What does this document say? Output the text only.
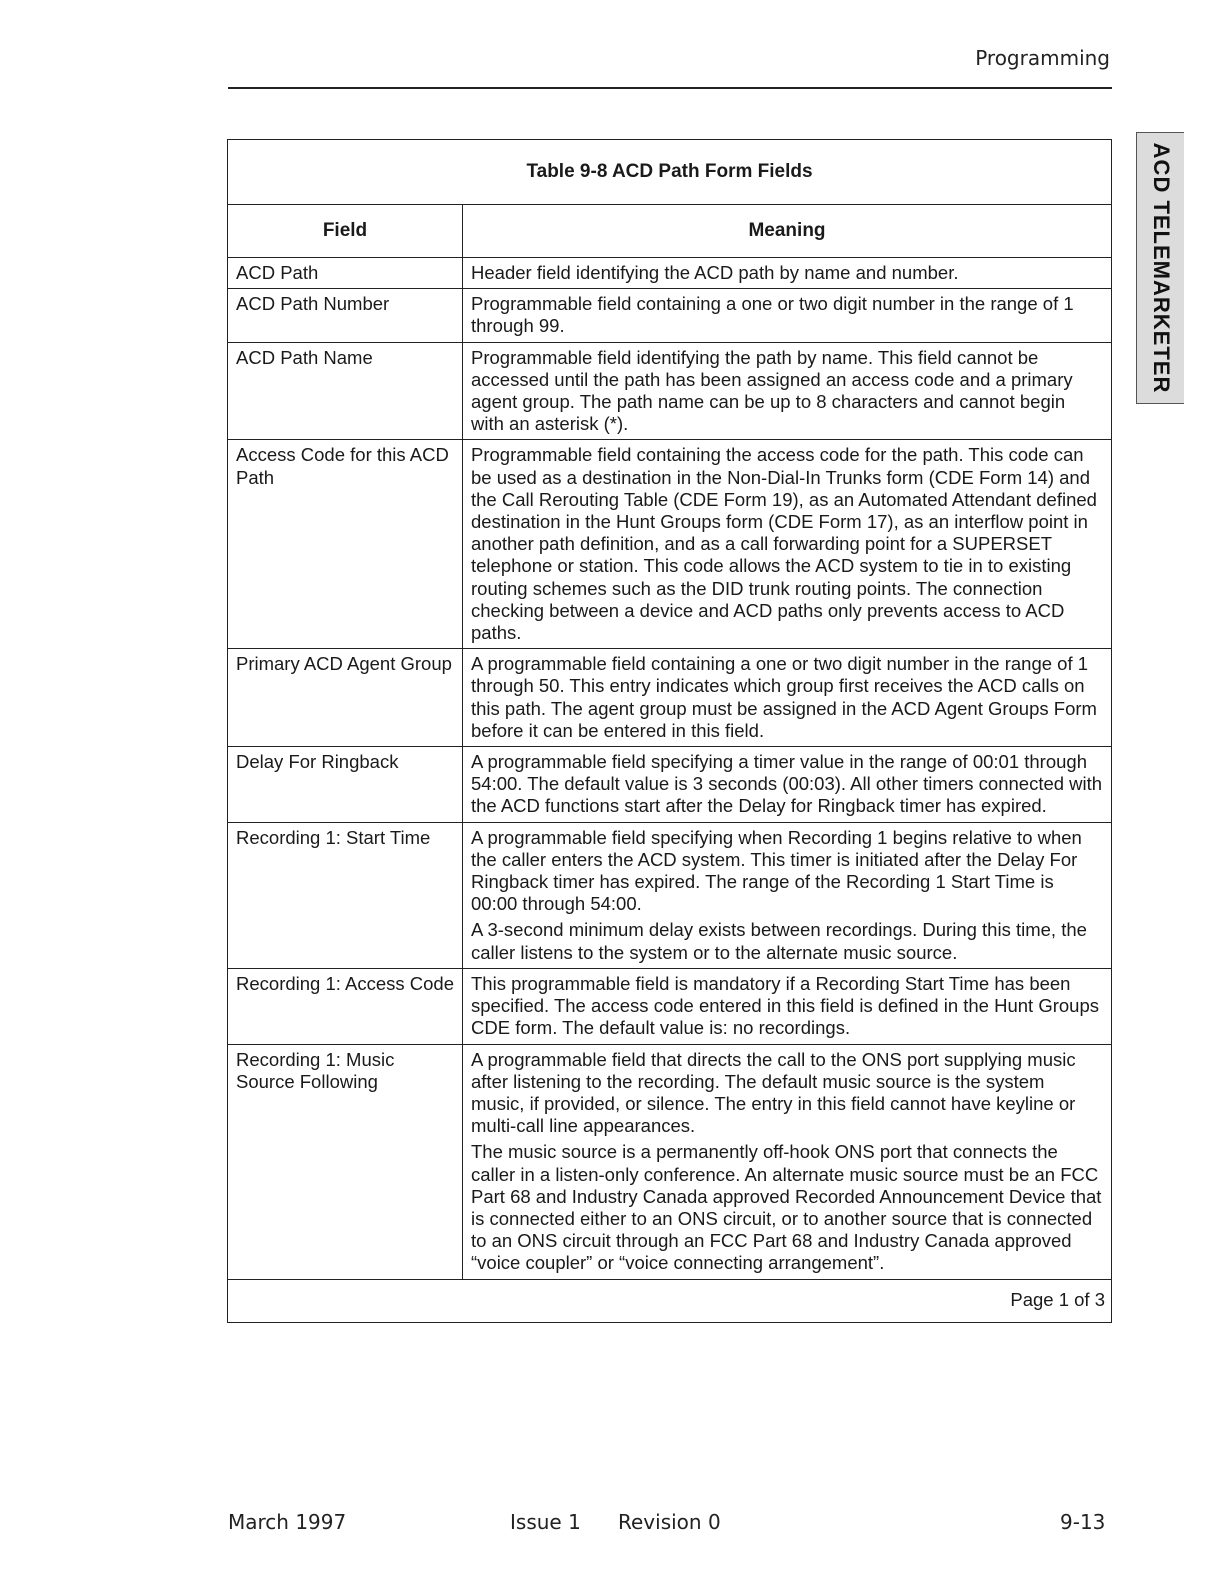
Programming
ACD TELEMARKETER
Table 9-8 ACD Path Form Fields	
Field	Meaning
ACD Path	Header field identifying the ACD path by name and number.

ACD Path Number	Programmable field containing a one or two digit number in the range of 1 through 99.

ACD Path Name	Programmable field identifying the path by name. This field cannot be accessed until the path has been assigned an access code and a primary agent group. The path name can be up to 8 characters and cannot begin with an asterisk (*).

Access Code for this ACD Path	Programmable field containing the access code for the path. This code can be used as a destination in the Non-Dial-In Trunks form (CDE Form 14) and the Call Rerouting Table (CDE Form 19), as an Automated Attendant defined destination in the Hunt Groups form (CDE Form 17), as an interflow point in another path definition, and as a call forwarding point for a SUPERSET telephone or station. This code allows the ACD system to tie in to existing routing schemes such as the DID trunk routing points. The connection checking between a device and ACD paths only prevents access to ACD paths.

Primary ACD Agent Group	A programmable field containing a one or two digit number in the range of 1 through 50. This entry indicates which group first receives the ACD calls on this path. The agent group must be assigned in the ACD Agent Groups Form before it can be entered in this field.

Delay For Ringback	A programmable field specifying a timer value in the range of 00:01 through 54:00. The default value is 3 seconds (00:03). All other timers connected with the ACD functions start after the Delay for Ringback timer has expired.

Recording 1: Start Time	A programmable field specifying when Recording 1 begins relative to when the caller enters the ACD system. This timer is initiated after the Delay For Ringback timer has expired. The range of the Recording 1 Start Time is 00:00 through 54:00.

A 3-second minimum delay exists between recordings. During this time, the caller listens to the system or to the alternate music source.

Recording 1: Access Code	This programmable field is mandatory if a Recording Start Time has been specified. The access code entered in this field is defined in the Hunt Groups CDE form. The default value is: no recordings.

Recording 1: Music Source Following	A programmable field that directs the call to the ONS port supplying music after listening to the recording. The default music source is the system music, if provided, or silence. The entry in this field cannot have keyline or multi-call line appearances.

The music source is a permanently off-hook ONS port that connects the caller in a listen-only conference. An alternate music source must be an FCC Part 68 and Industry Canada approved Recorded Announcement Device that is connected either to an ONS circuit, or to another source that is connected to an ONS circuit through an FCC Part 68 and Industry Canada approved “voice coupler” or “voice connecting arrangement”.

Page 1 of 3	
March 1997	Issue 1 Revision 0	9-13
